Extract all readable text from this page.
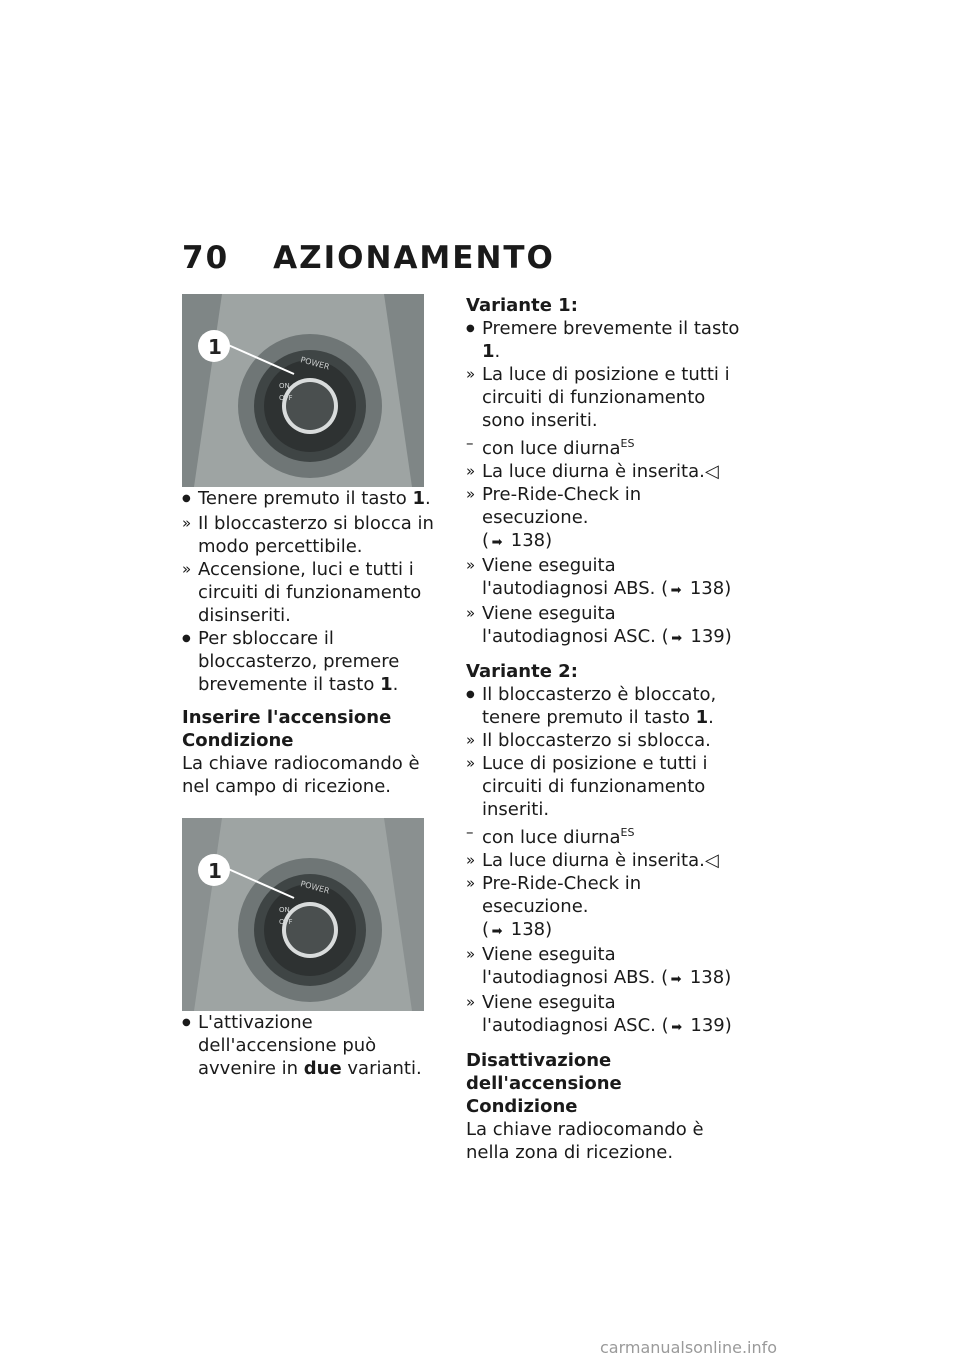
70 AZIONAMENTO
POWER
ON
OFF
1
●
Tenere premuto il tasto 1.
» Il bloccasterzo si blocca in modo percettibile.
» Accensione, luci e tutti i circuiti di funzionamento disinseriti.
●
Per sbloccare il bloccasterzo, premere brevemente il tasto 1.

Inserire l'accensione

Condizione

La chiave radiocomando è nel campo di ricezione.

POWER
ON
OFF
1
●
L'attivazione dell'accensione può avvenire in due varianti.

Variante 1:

●
Premere brevemente il tasto 1.
» La luce di posizione e tutti i circuiti di funzionamento sono inseriti.
– con luce diurna$^{ES}$
» La luce diurna è inserita.◁
» Pre-Ride-Check in esecuzione.
( ➡ 138)
» Viene eseguita l'autodiagnosi ABS. ( ➡ 138)
» Viene eseguita l'autodiagnosi ASC. ( ➡ 139)

Variante 2:

●
Il bloccasterzo è bloccato, tenere premuto il tasto 1.
» Il bloccasterzo si sblocca.
» Luce di posizione e tutti i circuiti di funzionamento inseriti.
– con luce diurna$^{ES}$
» La luce diurna è inserita.◁
» Pre-Ride-Check in esecuzione.
( ➡ 138)
» Viene eseguita l'autodiagnosi ABS. ( ➡ 138)
» Viene eseguita l'autodiagnosi ASC. ( ➡ 139)

Disattivazione dell'accensione

Condizione

La chiave radiocomando è nella zona di ricezione.

carmanualsonline.info
